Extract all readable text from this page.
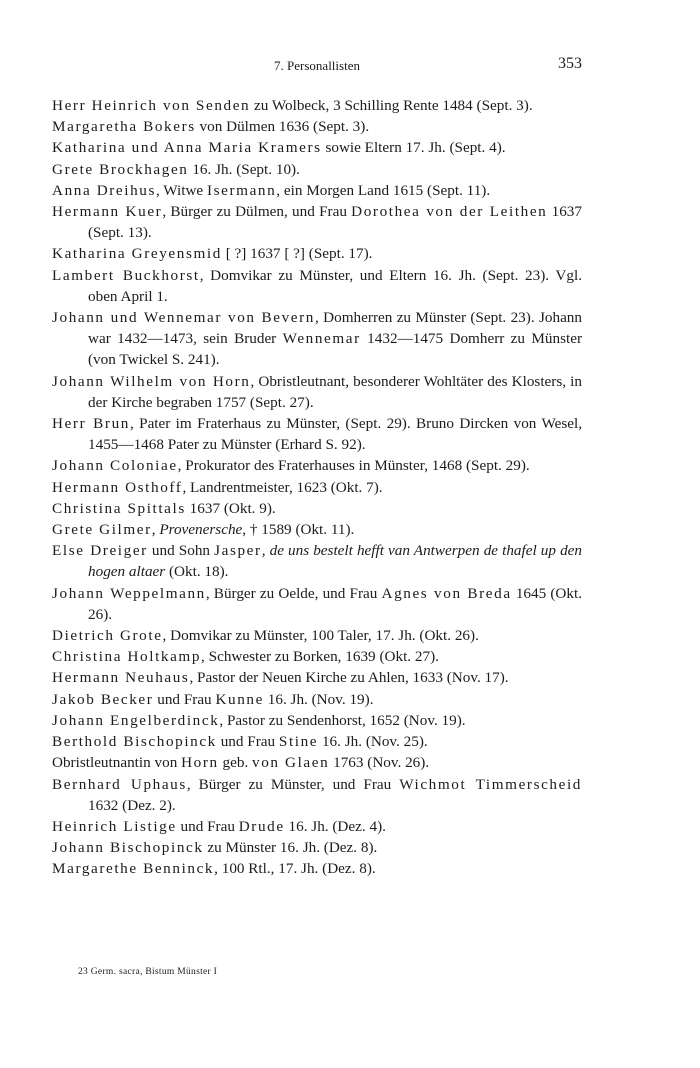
7. Personallisten	353
Herr Heinrich von Senden zu Wolbeck, 3 Schilling Rente 1484 (Sept. 3).
Margaretha Bokers von Dülmen 1636 (Sept. 3).
Katharina und Anna Maria Kramers sowie Eltern 17. Jh. (Sept. 4).
Grete Brockhagen 16. Jh. (Sept. 10).
Anna Dreihus, Witwe Isermann, ein Morgen Land 1615 (Sept. 11).
Hermann Kuer, Bürger zu Dülmen, und Frau Dorothea von der Leithen 1637 (Sept. 13).
Katharina Greyensmid [ ?] 1637 [ ?] (Sept. 17).
Lambert Buckhorst, Domvikar zu Münster, und Eltern 16. Jh. (Sept. 23). Vgl. oben April 1.
Johann und Wennemar von Bevern, Domherren zu Münster (Sept. 23). Johann war 1432—1473, sein Bruder Wennemar 1432—1475 Domherr zu Münster (von Twickel S. 241).
Johann Wilhelm von Horn, Obristleutnant, besonderer Wohltäter des Klosters, in der Kirche begraben 1757 (Sept. 27).
Herr Brun, Pater im Fraterhaus zu Münster, (Sept. 29). Bruno Dircken von Wesel, 1455—1468 Pater zu Münster (Erhard S. 92).
Johann Coloniae, Prokurator des Fraterhauses in Münster, 1468 (Sept. 29).
Hermann Osthoff, Landrentmeister, 1623 (Okt. 7).
Christina Spittals 1637 (Okt. 9).
Grete Gilmer, Provenersche, † 1589 (Okt. 11).
Else Dreiger und Sohn Jasper, de uns bestelt hefft van Antwerpen de thafel up den hogen altaer (Okt. 18).
Johann Weppelmann, Bürger zu Oelde, und Frau Agnes von Breda 1645 (Okt. 26).
Dietrich Grote, Domvikar zu Münster, 100 Taler, 17. Jh. (Okt. 26).
Christina Holtkamp, Schwester zu Borken, 1639 (Okt. 27).
Hermann Neuhaus, Pastor der Neuen Kirche zu Ahlen, 1633 (Nov. 17).
Jakob Becker und Frau Kunne 16. Jh. (Nov. 19).
Johann Engelberdinck, Pastor zu Sendenhorst, 1652 (Nov. 19).
Berthold Bischopinck und Frau Stine 16. Jh. (Nov. 25).
Obristleutnantin von Horn geb. von Glaen 1763 (Nov. 26).
Bernhard Uphaus, Bürger zu Münster, und Frau Wichmot Timmerscheid 1632 (Dez. 2).
Heinrich Listige und Frau Drude 16. Jh. (Dez. 4).
Johann Bischopinck zu Münster 16. Jh. (Dez. 8).
Margarethe Benninck, 100 Rtl., 17. Jh. (Dez. 8).
23 Germ. sacra, Bistum Münster I
